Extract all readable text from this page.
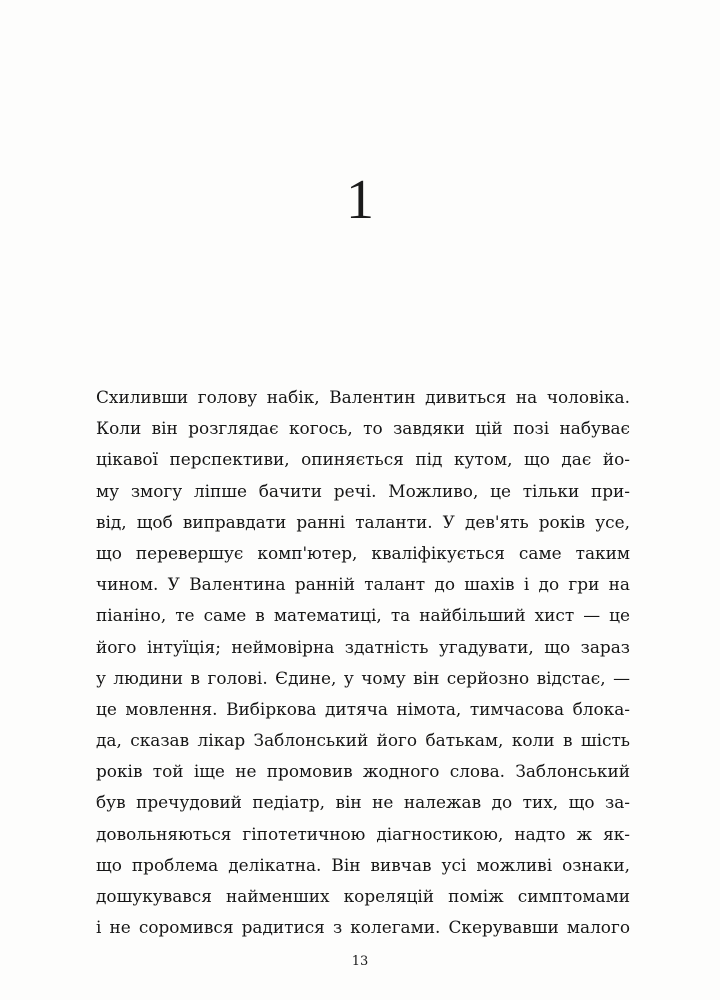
1
Схиливши голову набік, Валентин дивиться на чоловіка.
Коли він розглядає когось, то завдяки цій позі набуває
цікавої перспективи, опиняється під кутом, що дає йо-
му змогу ліпше бачити речі. Можливо, це тільки при-
від, щоб виправдати ранні таланти. У дев'ять років усе,
що перевершує комп'ютер, кваліфікується саме таким
чином. У Валентина ранній талант до шахів і до гри на
піаніно, те саме в математиці, та найбільший хист — це
його інтуїція; неймовірна здатність угадувати, що зараз
у людини в голові. Єдине, у чому він серйозно відстає, —
це мовлення. Вибіркова дитяча німота, тимчасова блока-
да, сказав лікар Заблонський його батькам, коли в шість
років той іще не промовив жодного слова. Заблонський
був пречудовий педіатр, він не належав до тих, що за-
довольняються гіпотетичною діагностикою, надто ж як-
що проблема делікатна. Він вивчав усі можливі ознаки,
дошукувався найменших кореляцій поміж симптомами
і не соромився радитися з колегами. Скерувавши малого
13
